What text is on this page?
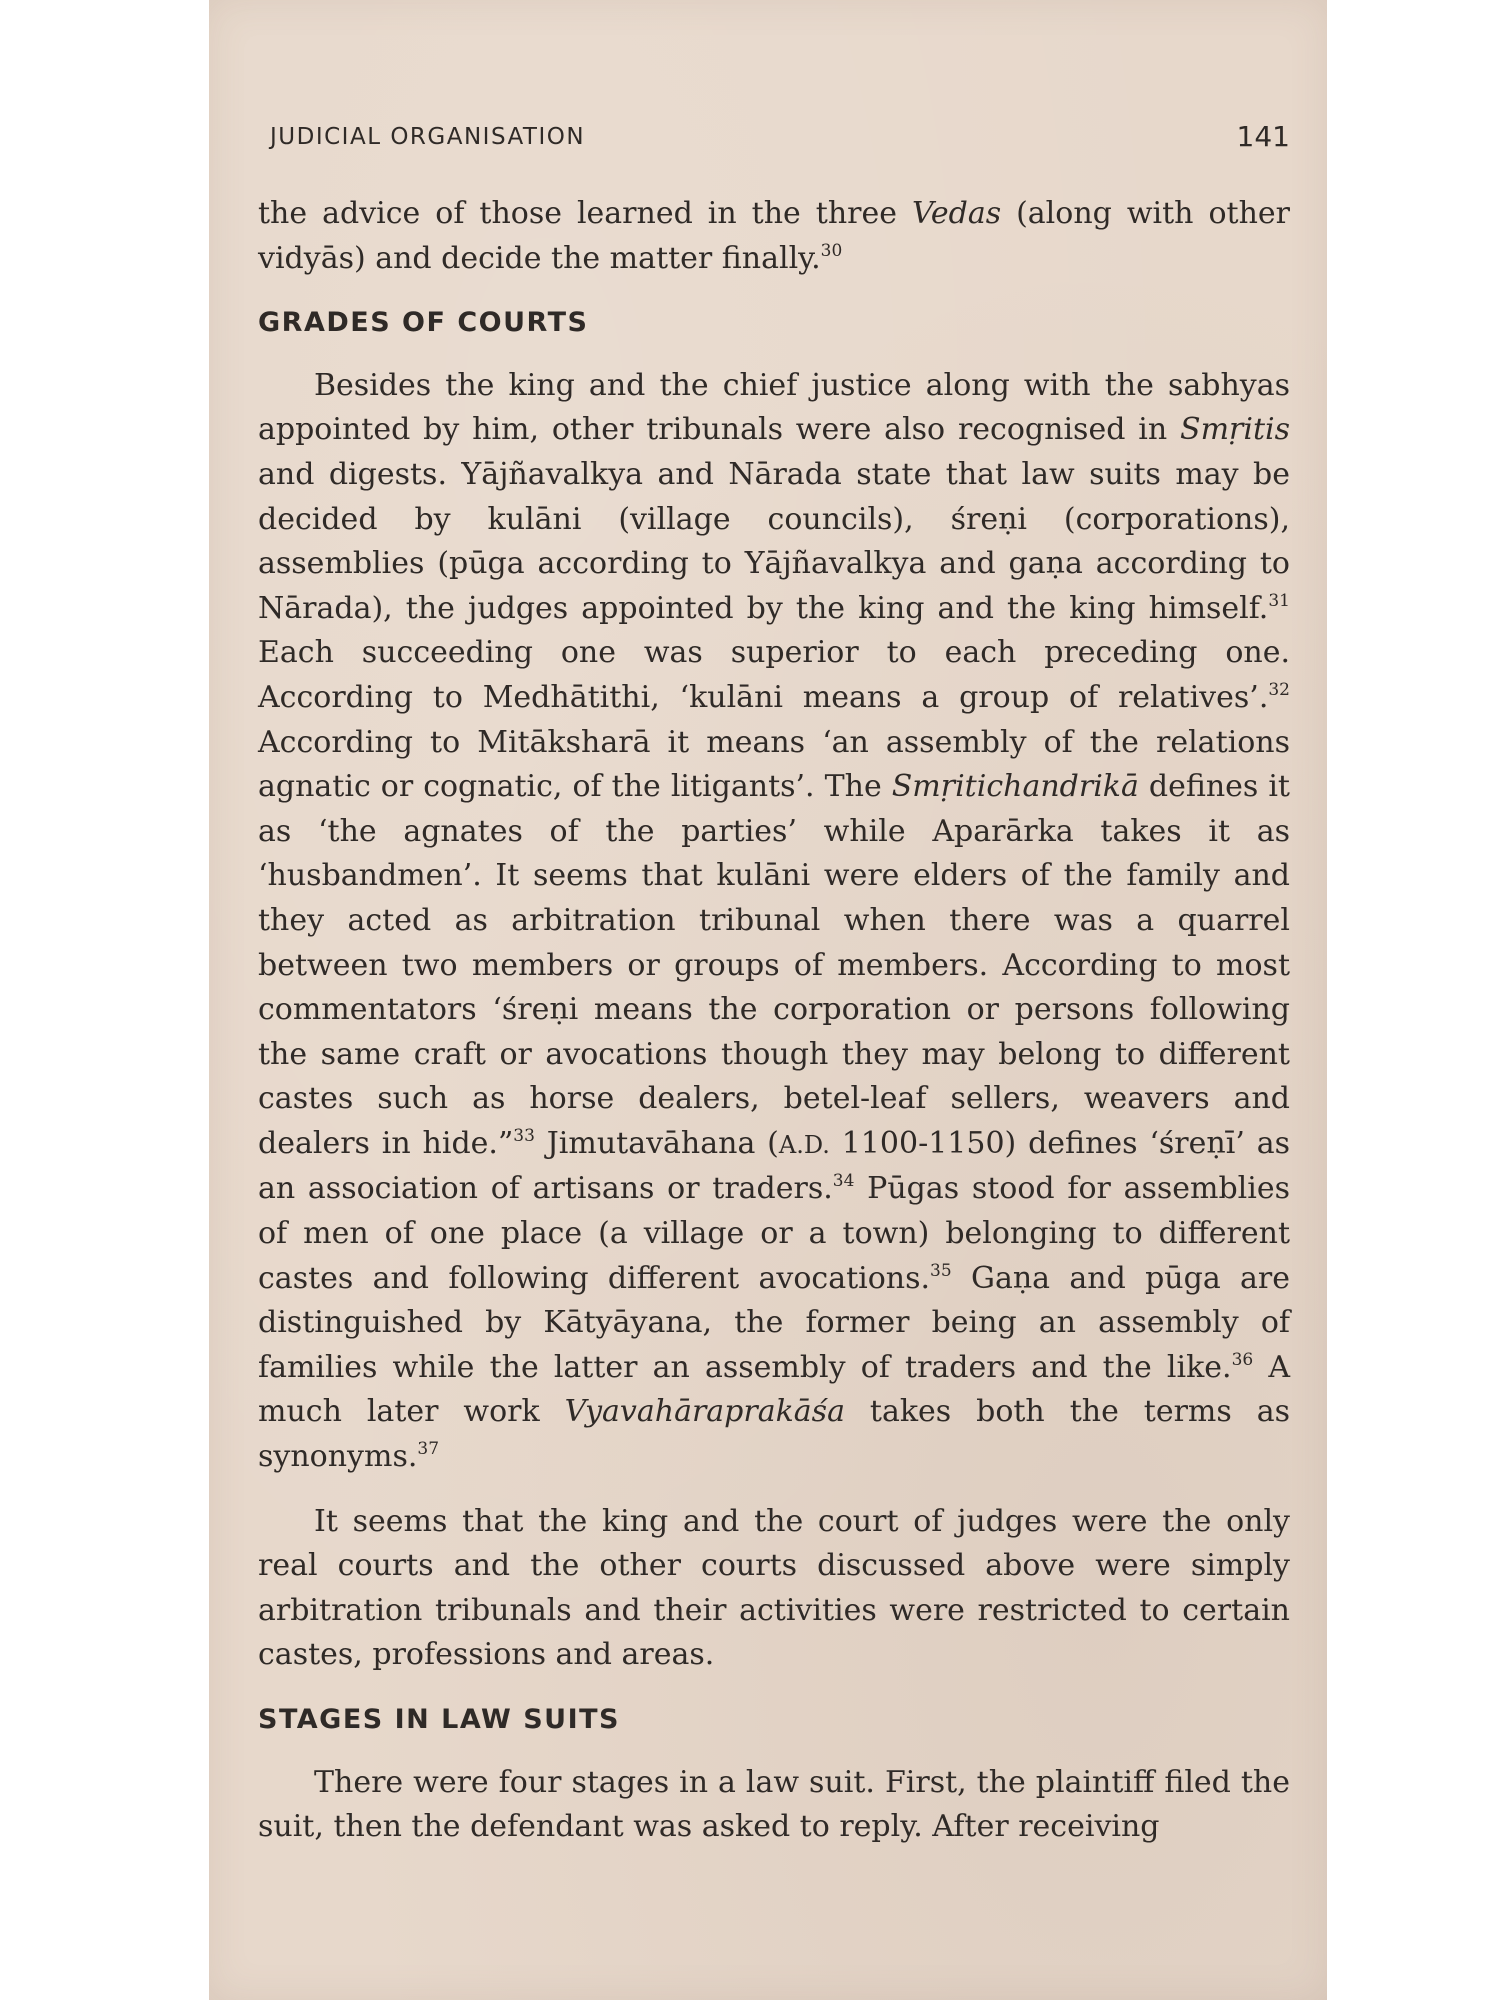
JUDICIAL ORGANISATION	141

the advice of those learned in the three Vedas (along with other vidyās) and decide the matter finally.$^{30}$

GRADES OF COURTS

Besides the king and the chief justice along with the sabhyas appointed by him, other tribunals were also recognised in Smṛitis and digests. Yājñavalkya and Nārada state that law suits may be decided by kulāni (village councils), śreṇi (corporations), assemblies (pūga according to Yājñavalkya and gaṇa according to Nārada), the judges appointed by the king and the king himself.$^{31}$ Each succeeding one was superior to each preceding one. According to Medhātithi, ‘kulāni means a group of relatives’.$^{32}$ According to Mitāksharā it means ‘an assembly of the relations agnatic or cognatic, of the litigants’. The Smṛitichandrikā defines it as ‘the agnates of the parties’ while Aparārka takes it as ‘husbandmen’. It seems that kulāni were elders of the family and they acted as arbitration tribunal when there was a quarrel between two members or groups of members. According to most commentators ‘śreṇi means the corporation or persons following the same craft or avocations though they may belong to different castes such as horse dealers, betel-leaf sellers, weavers and dealers in hide.”$^{33}$ Jimutavāhana (A.D. 1100-1150) defines ‘śreṇī’ as an association of artisans or traders.$^{34}$ Pūgas stood for assemblies of men of one place (a village or a town) belonging to different castes and following different avocations.$^{35}$ Gaṇa and pūga are distinguished by Kātyāyana, the former being an assembly of families while the latter an assembly of traders and the like.$^{36}$ A much later work Vyavahāraprakāśa takes both the terms as synonyms.$^{37}$

It seems that the king and the court of judges were the only real courts and the other courts discussed above were simply arbitration tribunals and their activities were restricted to certain castes, professions and areas.

STAGES IN LAW SUITS

There were four stages in a law suit. First, the plaintiff filed the suit, then the defendant was asked to reply. After receiving
